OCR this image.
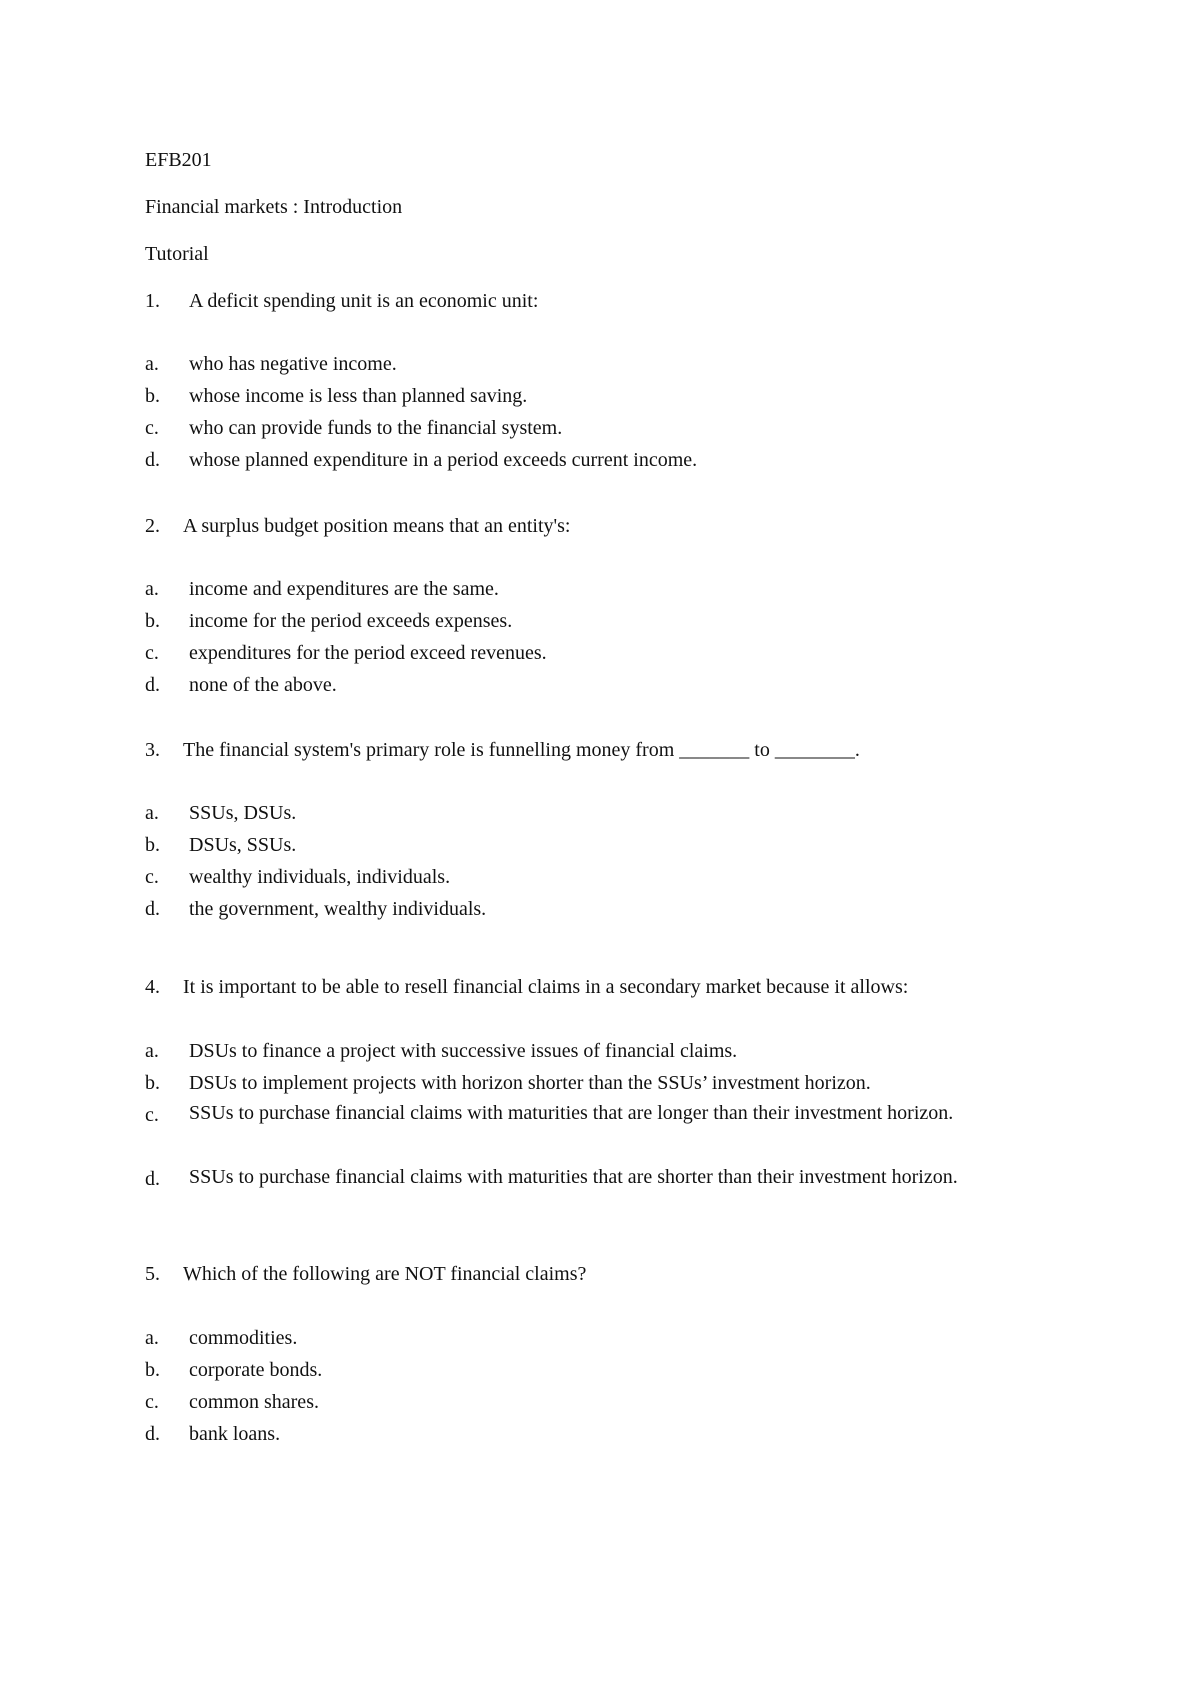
EFB201
Financial markets : Introduction
Tutorial
1. A deficit spending unit is an economic unit:
a. who has negative income.
b. whose income is less than planned saving.
c. who can provide funds to the financial system.
d. whose planned expenditure in a period exceeds current income.
2. A surplus budget position means that an entity's:
a. income and expenditures are the same.
b. income for the period exceeds expenses.
c. expenditures for the period exceed revenues.
d. none of the above.
3. The financial system's primary role is funnelling money from _______ to ________.
a. SSUs, DSUs.
b. DSUs, SSUs.
c. wealthy individuals, individuals.
d. the government, wealthy individuals.
4. It is important to be able to resell financial claims in a secondary market because it allows:
a. DSUs to finance a project with successive issues of financial claims.
b. DSUs to implement projects with horizon shorter than the SSUs’ investment horizon.
c. SSUs to purchase financial claims with maturities that are longer than their investment horizon.
d. SSUs to purchase financial claims with maturities that are shorter than their investment horizon.
5. Which of the following are NOT financial claims?
a. commodities.
b. corporate bonds.
c. common shares.
d. bank loans.
